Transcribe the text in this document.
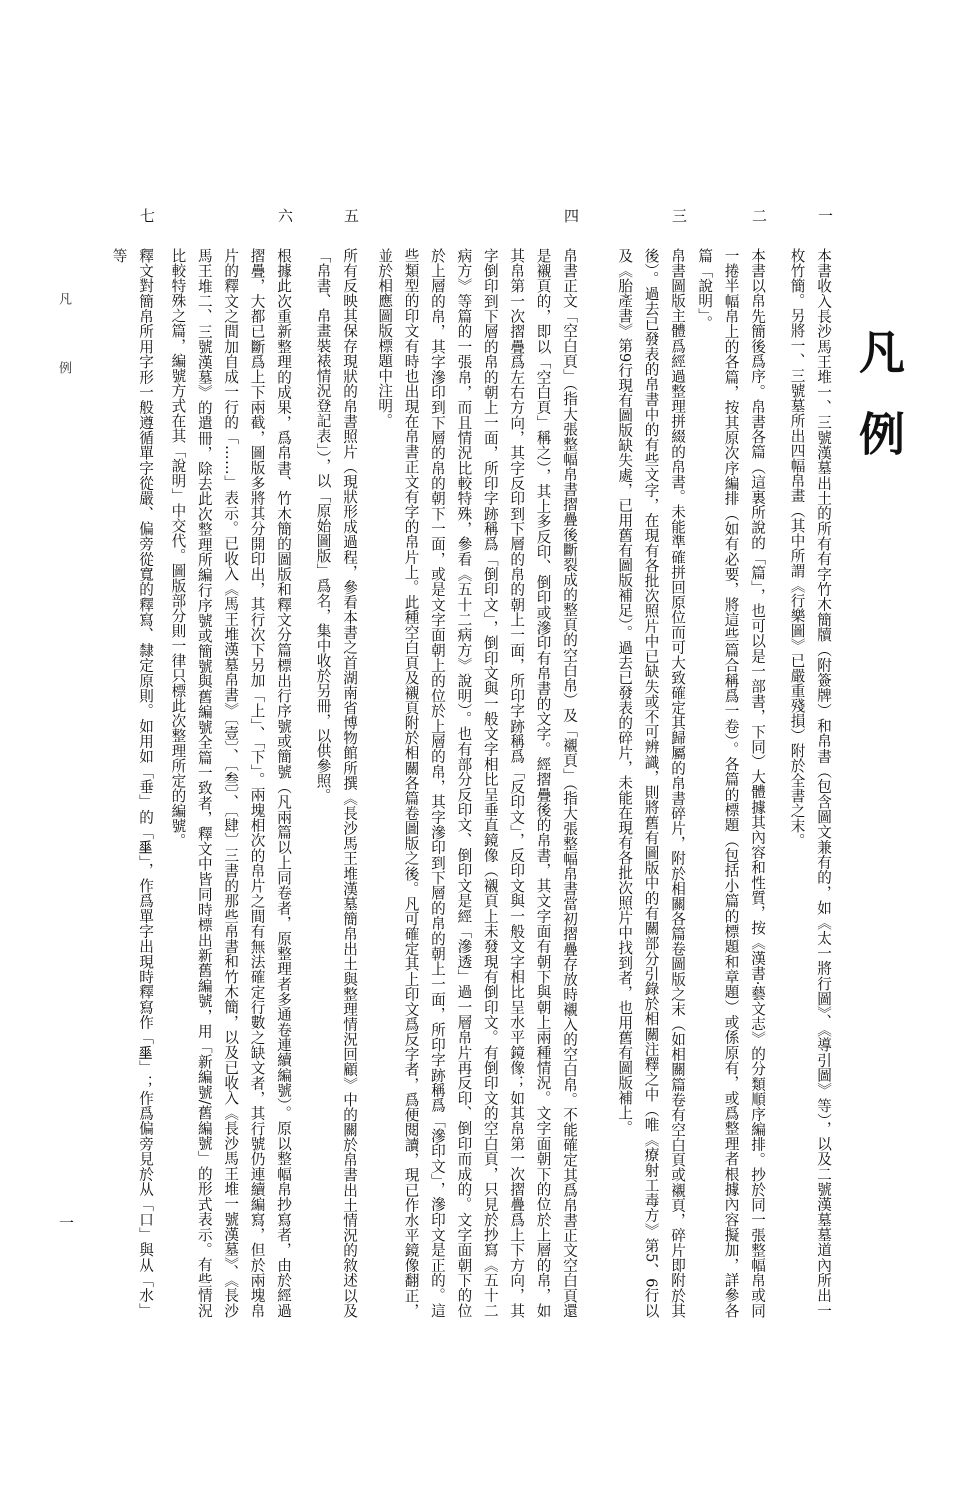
凡例
一
本書收入長沙馬王堆一、三號漢墓出土的所有有字竹木簡牘（附簽牌）和帛書（包含圖文兼有的，如《太一將行圖》、《導引圖》等），以及二號漢墓墓道內所出一枚竹簡。另將一、三號墓所出四幅帛畫（其中所謂《行樂圖》已嚴重殘損）附於全書之末。
二
本書以帛先簡後爲序。帛書各篇（這裏所說的「篇」，也可以是一部書，下同）大體據其內容和性質，按《漢書·藝文志》的分類順序編排。抄於同一張整幅帛或同一捲半幅帛上的各篇，按其原次序編排（如有必要，將這些篇合稱爲一卷）。各篇的標題（包括小篇的標題和章題）或係原有，或爲整理者根據內容擬加，詳參各篇「說明」。
三
帛書圖版主體爲經過整理拼綴的帛書。未能準確拼回原位而可大致確定其歸屬的帛書碎片，附於相關各篇卷圖版之末（如相關篇卷有空白頁或襯頁，碎片即附於其後）。過去已發表的帛書中的有些文字，在現有各批次照片中已缺失或不可辨識，則將舊有圖版中的有關部分引錄於相關注釋之中（唯《療射工毒方》第5、6行以及《胎產書》第9行現有圖版缺失處，已用舊有圖版補足）。過去已發表的碎片，未能在現有各批次照片中找到者，也用舊有圖版補上。
四
帛書正文「空白頁」（指大張整幅帛書摺疊後斷裂成的整頁的空白帛）及「襯頁」（指大張整幅帛書當初摺疊存放時襯入的空白帛。不能確定其爲帛書正文空白頁還是襯頁的，即以「空白頁」稱之），其上多反印、倒印或滲印有帛書的文字。經摺疊後的帛書，其文字面有朝下與朝上兩種情況。文字面朝下的位於上層的帛，如其帛第一次摺疊爲左右方向，其字反印到下層的帛的朝上一面，所印字跡稱爲「反印文」，反印文與一般文字相比呈水平鏡像；如其帛第一次摺疊爲上下方向，其字倒印到下層的帛的朝上一面，所印字跡稱爲「倒印文」，倒印文與一般文字相比呈垂直鏡像（襯頁上未發現有倒印文。有倒印文的空白頁，只見於抄寫《五十二病方》等篇的一張帛，而且情況比較特殊，參看《五十二病方》說明）。也有部分反印文、倒印文是經「滲透」過一層帛片再反印、倒印而成的。文字面朝下的位於上層的帛，其字滲印到下層的帛的朝下一面，或是文字面朝上的位於上層的帛，其字滲印到下層的帛的朝上一面，所印字跡稱爲「滲印文」，滲印文是正的。這些類型的印文有時也出現在帛書正文有字的帛片上。此種空白頁及襯頁附於相關各篇卷圖版之後。凡可確定其上印文爲反字者，爲便閱讀，現已作水平鏡像翻正，並於相應圖版標題中注明。
五
所有反映其保存現狀的帛書照片（現狀形成過程，參看本書之首湖南省博物館所撰《長沙馬王堆漢墓簡帛出土與整理情況回顧》中的關於帛書出土情況的敘述以及「帛書、帛畫裝裱情況登記表」），以「原始圖版」爲名，集中收於另冊，以供參照。
六
根據此次重新整理的成果，爲帛書、竹木簡的圖版和釋文分篇標出行序號或簡號（凡兩篇以上同卷者，原整理者多通卷連續編號）。原以整幅帛抄寫者，由於經過摺疊，大都已斷爲上下兩截，圖版多將其分開印出，其行次下另加「上」、「下」。兩塊相次的帛片之間有無法確定行數之缺文者，其行號仍連續編寫，但於兩塊帛片的釋文之間加自成一行的「……」表示。已收入《馬王堆漢墓帛書》〔壹〕、〔叁〕、〔肆〕三書的那些帛書和竹木簡，以及已收入《長沙馬王堆一號漢墓》、《長沙馬王堆二、三號漢墓》的遣冊，除去此次整理所編行序號或簡號與舊編號全篇一致者，釋文中皆同時標出新舊編號，用「新編號/舊編號」的形式表示。有些情況比較特殊之篇，編號方式在其「說明」中交代。圖版部分則一律只標此次整理所定的編號。
七
釋文對簡帛所用字形一般遵循單字從嚴、偏旁從寬的釋寫、隸定原則。如用如「垂」的「𡍮」，作爲單字出現時釋寫作「𡍮」；作爲偏旁見於从「口」與从「水」等
凡 例
一
